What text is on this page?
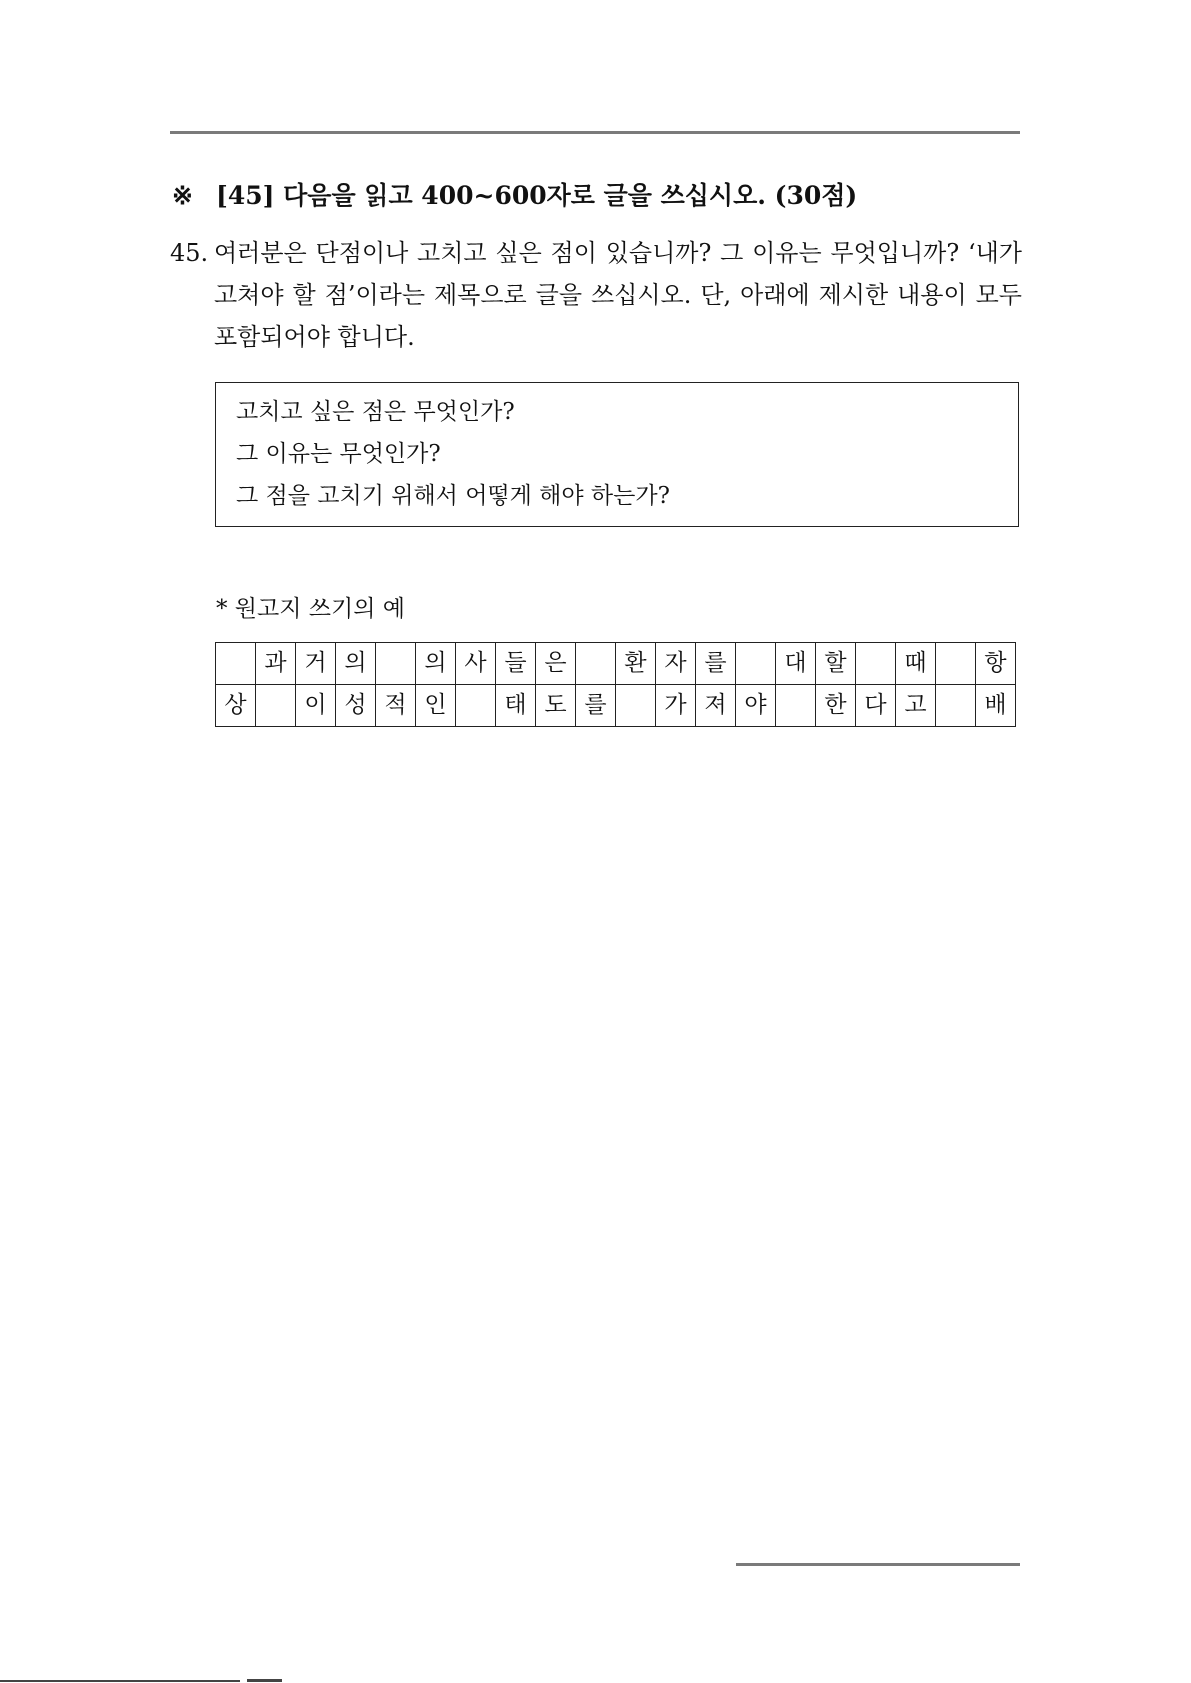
※ [45] 다음을 읽고 400~600자로 글을 쓰십시오. (30점)
45. 여러분은 단점이나 고치고 싶은 점이 있습니까? 그 이유는 무엇입니까? ‘내가 고쳐야 할 점’이라는 제목으로 글을 쓰십시오. 단, 아래에 제시한 내용이 모두 포함되어야 합니다.
고치고 싶은 점은 무엇인가?
그 이유는 무엇인가?
그 점을 고치기 위해서 어떻게 해야 하는가?
* 원고지 쓰기의 예
	과	거	의		의	사	들	은		환	자	를		대	할		때		항
상		이	성	적	인		태	도	를		가	져	야		한	다	고		배
